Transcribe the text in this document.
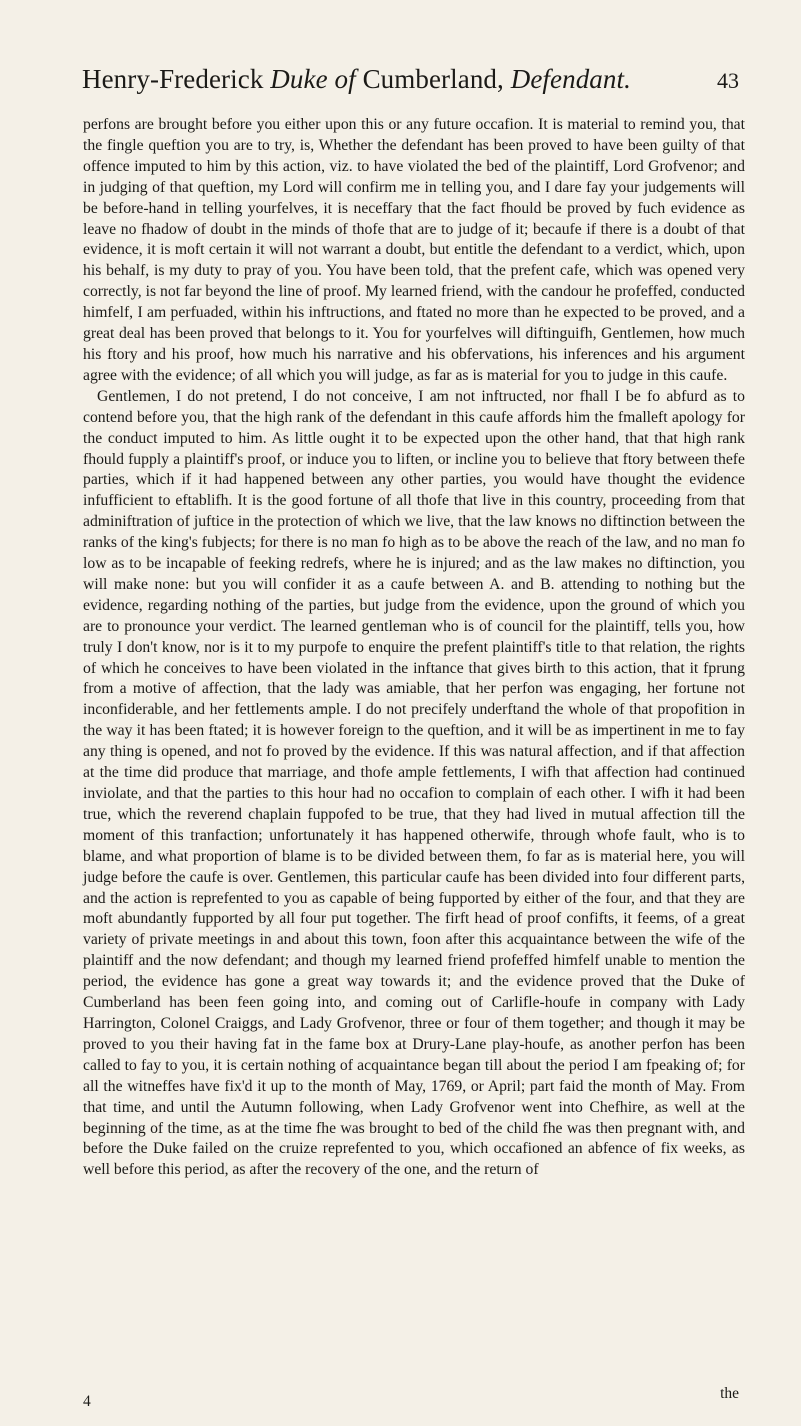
Henry-Frederick Duke of Cumberland, Defendant.	43

perfons are brought before you either upon this or any future occafion. It is material to remind you, that the fingle queftion you are to try, is, Whether the defendant has been proved to have been guilty of that offence imputed to him by this action, viz. to have violated the bed of the plaintiff, Lord Grofvenor; and in judging of that queftion, my Lord will confirm me in telling you, and I dare fay your judgements will be before-hand in telling yourfelves, it is neceffary that the fact fhould be proved by fuch evidence as leave no fhadow of doubt in the minds of thofe that are to judge of it; becaufe if there is a doubt of that evidence, it is moft certain it will not warrant a doubt, but entitle the defendant to a verdict, which, upon his behalf, is my duty to pray of you. You have been told, that the prefent cafe, which was opened very correctly, is not far beyond the line of proof. My learned friend, with the candour he profeffed, conducted himfelf, I am perfuaded, within his inftructions, and ftated no more than he expected to be proved, and a great deal has been proved that belongs to it. You for yourfelves will diftinguifh, Gentlemen, how much his ftory and his proof, how much his narrative and his obfervations, his inferences and his argument agree with the evidence; of all which you will judge, as far as is material for you to judge in this caufe.

Gentlemen, I do not pretend, I do not conceive, I am not inftructed, nor fhall I be fo abfurd as to contend before you, that the high rank of the defendant in this caufe affords him the fmalleft apology for the conduct imputed to him. As little ought it to be expected upon the other hand, that that high rank fhould fupply a plaintiff's proof, or induce you to liften, or incline you to believe that ftory between thefe parties, which if it had happened between any other parties, you would have thought the evidence infufficient to eftablifh. It is the good fortune of all thofe that live in this country, proceeding from that adminiftration of juftice in the protection of which we live, that the law knows no diftinction between the ranks of the king's fubjects; for there is no man fo high as to be above the reach of the law, and no man fo low as to be incapable of feeking redrefs, where he is injured; and as the law makes no diftinction, you will make none: but you will confider it as a caufe between A. and B. attending to nothing but the evidence, regarding nothing of the parties, but judge from the evidence, upon the ground of which you are to pronounce your verdict. The learned gentleman who is of council for the plaintiff, tells you, how truly I don't know, nor is it to my purpofe to enquire the prefent plaintiff's title to that relation, the rights of which he conceives to have been violated in the inftance that gives birth to this action, that it fprung from a motive of affection, that the lady was amiable, that her perfon was engaging, her fortune not inconfiderable, and her fettlements ample. I do not precifely underftand the whole of that propofition in the way it has been ftated; it is however foreign to the queftion, and it will be as impertinent in me to fay any thing is opened, and not fo proved by the evidence. If this was natural affection, and if that affection at the time did produce that marriage, and thofe ample fettlements, I wifh that affection had continued inviolate, and that the parties to this hour had no occafion to complain of each other. I wifh it had been true, which the reverend chaplain fuppofed to be true, that they had lived in mutual affection till the moment of this tranfaction; unfortunately it has happened otherwife, through whofe fault, who is to blame, and what proportion of blame is to be divided between them, fo far as is material here, you will judge before the caufe is over. Gentlemen, this particular caufe has been divided into four different parts, and the action is reprefented to you as capable of being fupported by either of the four, and that they are moft abundantly fupported by all four put together. The firft head of proof confifts, it feems, of a great variety of private meetings in and about this town, foon after this acquaintance between the wife of the plaintiff and the now defendant; and though my learned friend profeffed himfelf unable to mention the period, the evidence has gone a great way towards it; and the evidence proved that the Duke of Cumberland has been feen going into, and coming out of Carlifle-houfe in company with Lady Harrington, Colonel Craiggs, and Lady Grofvenor, three or four of them together; and though it may be proved to you their having fat in the fame box at Drury-Lane play-houfe, as another perfon has been called to fay to you, it is certain nothing of acquaintance began till about the period I am fpeaking of; for all the witneffes have fix'd it up to the month of May, 1769, or April; part faid the month of May. From that time, and until the Autumn following, when Lady Grofvenor went into Chefhire, as well at the beginning of the time, as at the time fhe was brought to bed of the child fhe was then pregnant with, and before the Duke failed on the cruize reprefented to you, which occafioned an abfence of fix weeks, as well before this period, as after the recovery of the one, and the return of

4	the
